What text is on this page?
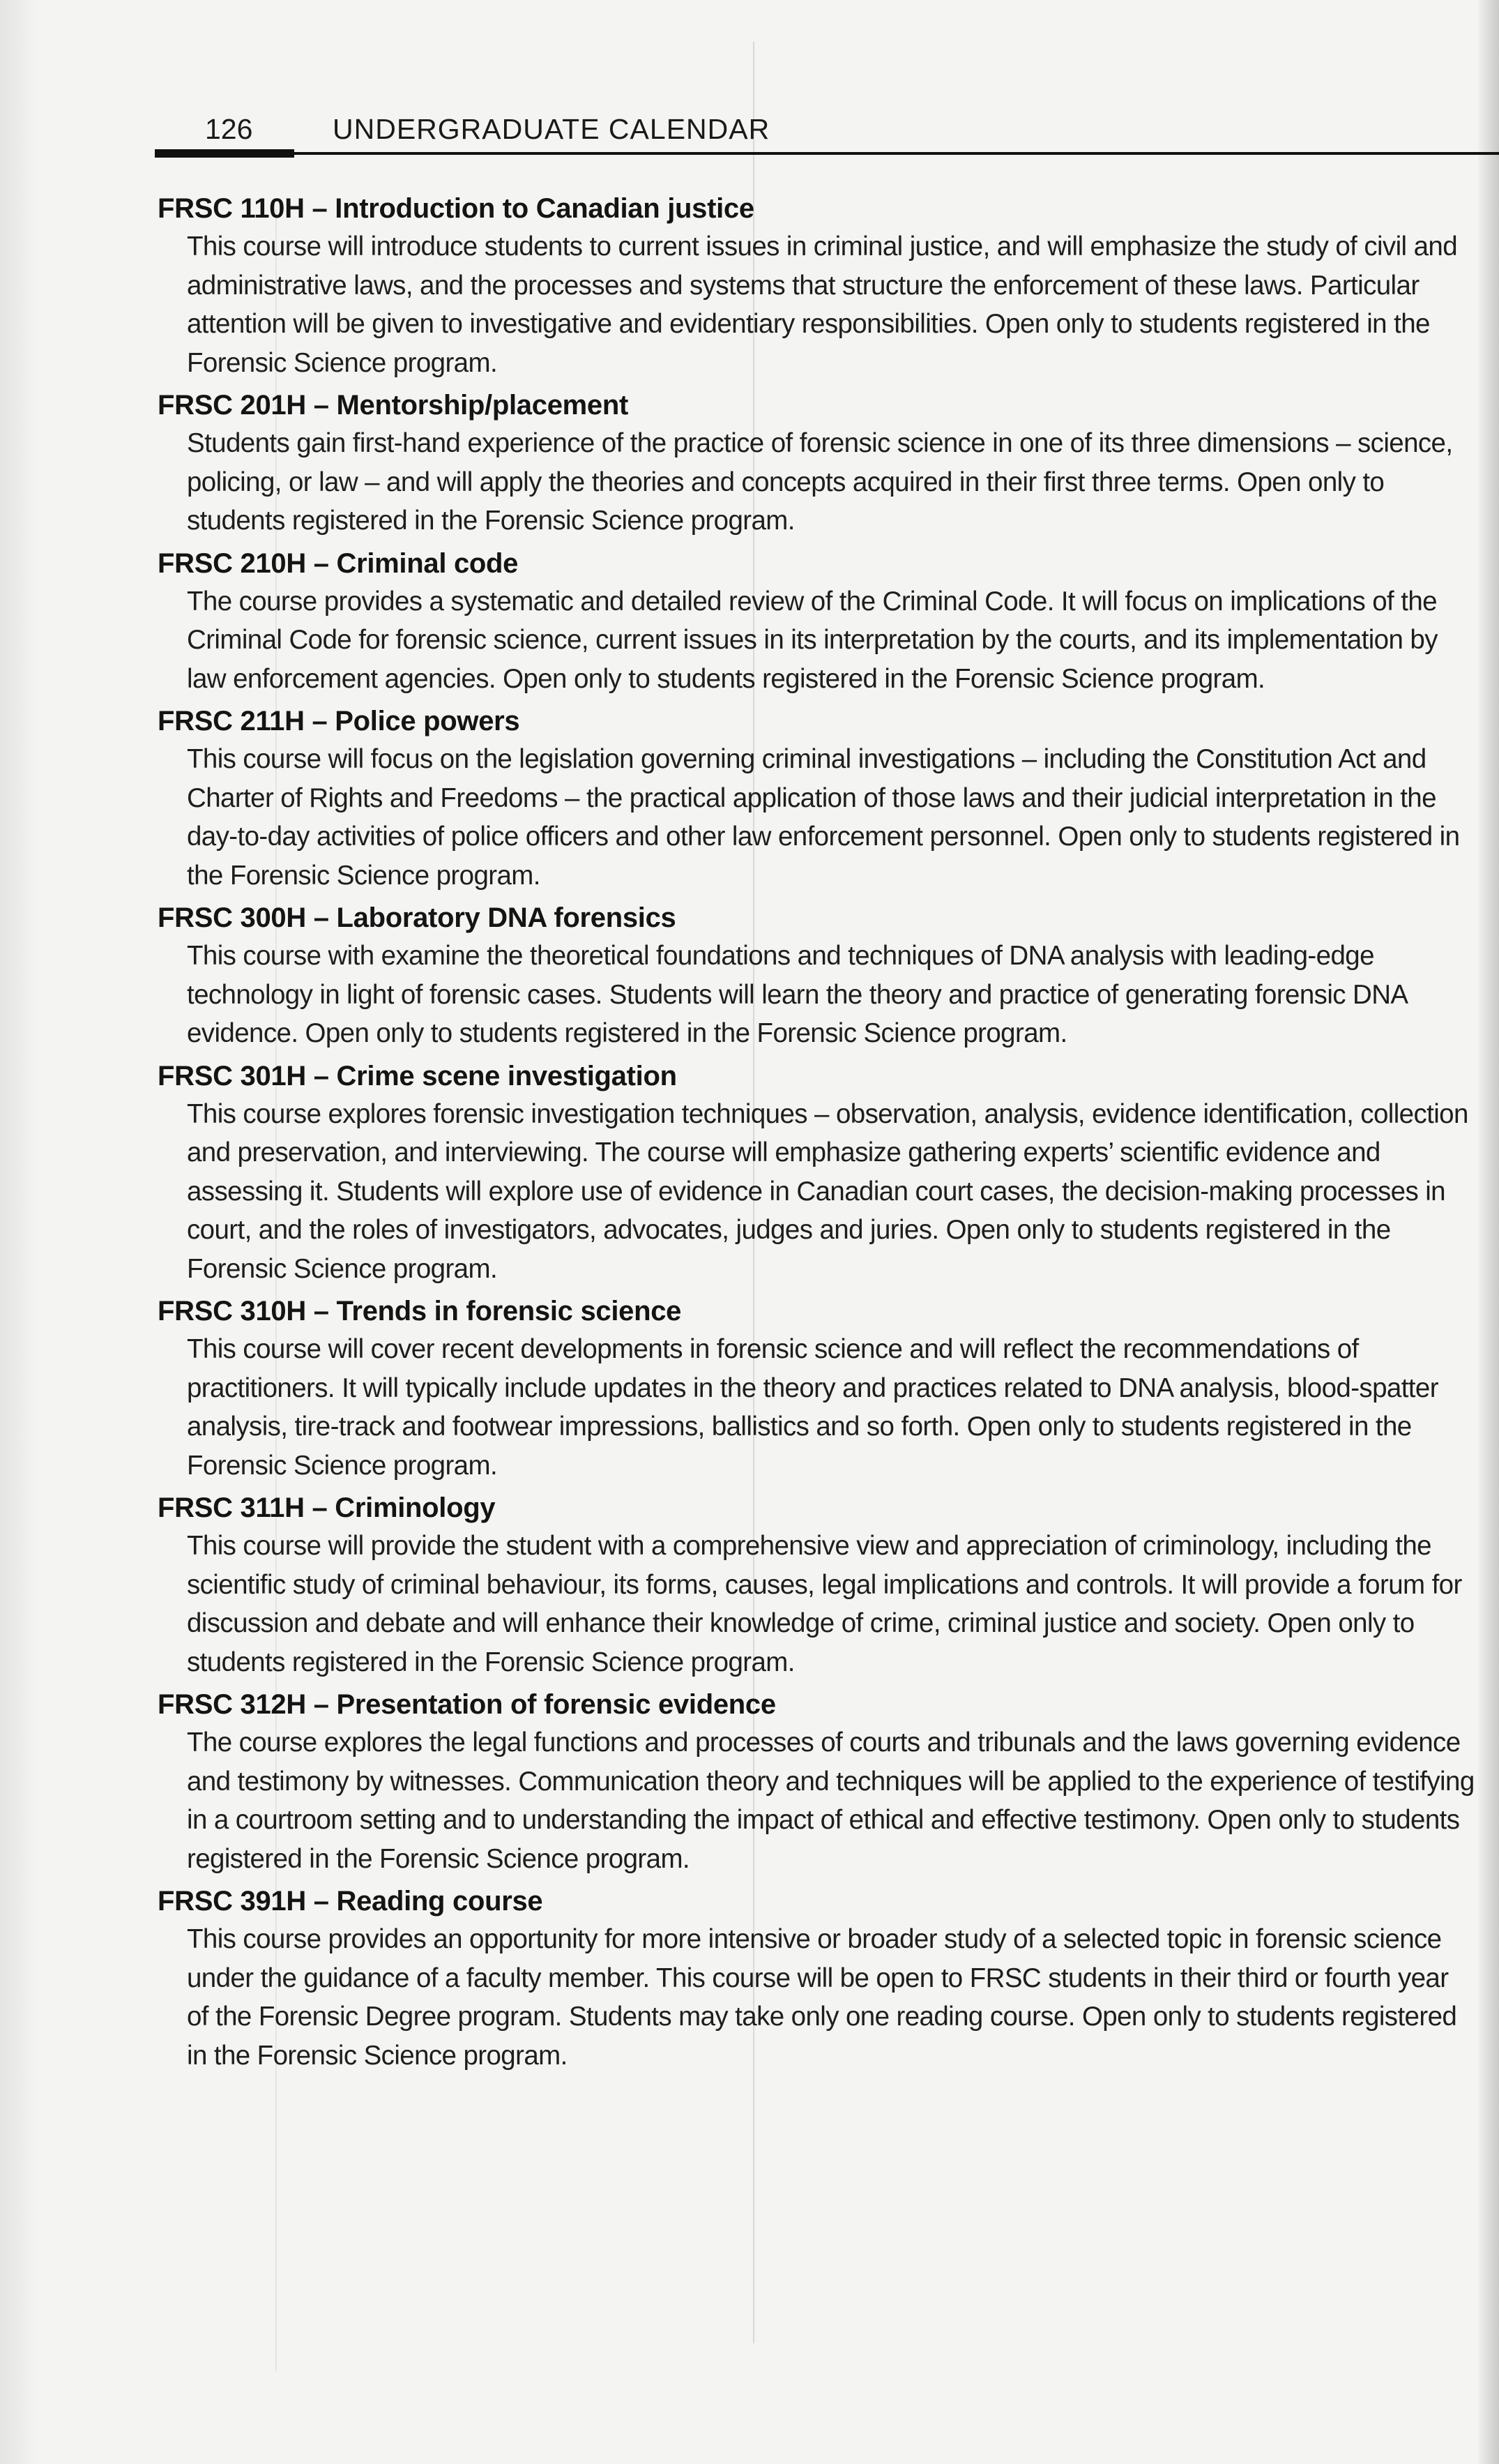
126	UNDERGRADUATE CALENDAR
FRSC 110H – Introduction to Canadian justice
This course will introduce students to current issues in criminal justice, and will emphasize the study of civil and administrative laws, and the processes and systems that structure the enforcement of these laws. Particular attention will be given to investigative and evidentiary responsibilities. Open only to students registered in the Forensic Science program.
FRSC 201H – Mentorship/placement
Students gain first-hand experience of the practice of forensic science in one of its three dimensions – science, policing, or law – and will apply the theories and concepts acquired in their first three terms. Open only to students registered in the Forensic Science program.
FRSC 210H – Criminal code
The course provides a systematic and detailed review of the Criminal Code. It will focus on implications of the Criminal Code for forensic science, current issues in its interpretation by the courts, and its implementation by law enforcement agencies. Open only to students registered in the Forensic Science program.
FRSC 211H – Police powers
This course will focus on the legislation governing criminal investigations – including the Constitution Act and Charter of Rights and Freedoms – the practical application of those laws and their judicial interpretation in the day-to-day activities of police officers and other law enforcement personnel. Open only to students registered in the Forensic Science program.
FRSC 300H – Laboratory DNA forensics
This course with examine the theoretical foundations and techniques of DNA analysis with leading-edge technology in light of forensic cases. Students will learn the theory and practice of generating forensic DNA evidence. Open only to students registered in the Forensic Science program.
FRSC 301H – Crime scene investigation
This course explores forensic investigation techniques – observation, analysis, evidence identification, collection and preservation, and interviewing. The course will emphasize gathering experts’ scientific evidence and assessing it. Students will explore use of evidence in Canadian court cases, the decision-making processes in court, and the roles of investigators, advocates, judges and juries. Open only to students registered in the Forensic Science program.
FRSC 310H – Trends in forensic science
This course will cover recent developments in forensic science and will reflect the recommendations of practitioners. It will typically include updates in the theory and practices related to DNA analysis, blood-spatter analysis, tire-track and footwear impressions, ballistics and so forth. Open only to students registered in the Forensic Science program.
FRSC 311H – Criminology
This course will provide the student with a comprehensive view and appreciation of criminology, including the scientific study of criminal behaviour, its forms, causes, legal implications and controls. It will provide a forum for discussion and debate and will enhance their knowledge of crime, criminal justice and society. Open only to students registered in the Forensic Science program.
FRSC 312H – Presentation of forensic evidence
The course explores the legal functions and processes of courts and tribunals and the laws governing evidence and testimony by witnesses. Communication theory and techniques will be applied to the experience of testifying in a courtroom setting and to understanding the impact of ethical and effective testimony. Open only to students registered in the Forensic Science program.
FRSC 391H – Reading course
This course provides an opportunity for more intensive or broader study of a selected topic in forensic science under the guidance of a faculty member. This course will be open to FRSC students in their third or fourth year of the Forensic Degree program. Students may take only one reading course. Open only to students registered in the Forensic Science program.
